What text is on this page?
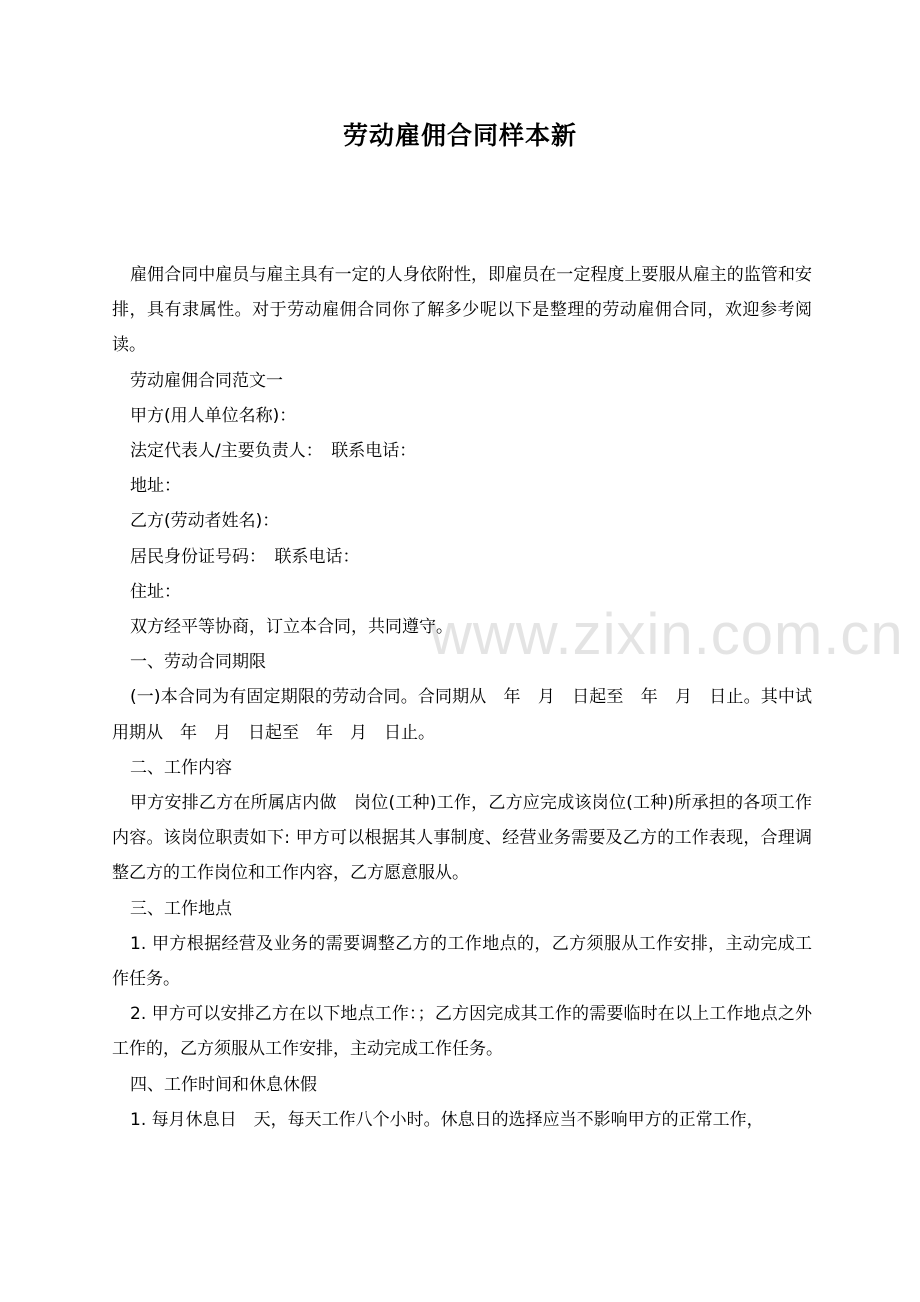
劳动雇佣合同样本新
www.zixin.com.cn

雇佣合同中雇员与雇主具有一定的人身依附性，即雇员在一定程度上要服从雇主的监管和安排，具有隶属性。对于劳动雇佣合同你了解多少呢以下是整理的劳动雇佣合同，欢迎参考阅读。

劳动雇佣合同范文一

甲方(用人单位名称)：

法定代表人/主要负责人：　联系电话：

地址：

乙方(劳动者姓名)：

居民身份证号码：　联系电话：

住址：

双方经平等协商，订立本合同，共同遵守。

一、劳动合同期限

(一)本合同为有固定期限的劳动合同。合同期从　年　月　日起至　年　月　日止。其中试用期从　年　月　日起至　年　月　日止。

二、工作内容

甲方安排乙方在所属店内做　岗位(工种)工作，乙方应完成该岗位(工种)所承担的各项工作内容。该岗位职责如下: 甲方可以根据其人事制度、经营业务需要及乙方的工作表现，合理调整乙方的工作岗位和工作内容，乙方愿意服从。

三、工作地点

1. 甲方根据经营及业务的需要调整乙方的工作地点的，乙方须服从工作安排，主动完成工作任务。

2. 甲方可以安排乙方在以下地点工作：；乙方因完成其工作的需要临时在以上工作地点之外工作的，乙方须服从工作安排，主动完成工作任务。

四、工作时间和休息休假

1. 每月休息日　天，每天工作八个小时。休息日的选择应当不影响甲方的正常工作，
